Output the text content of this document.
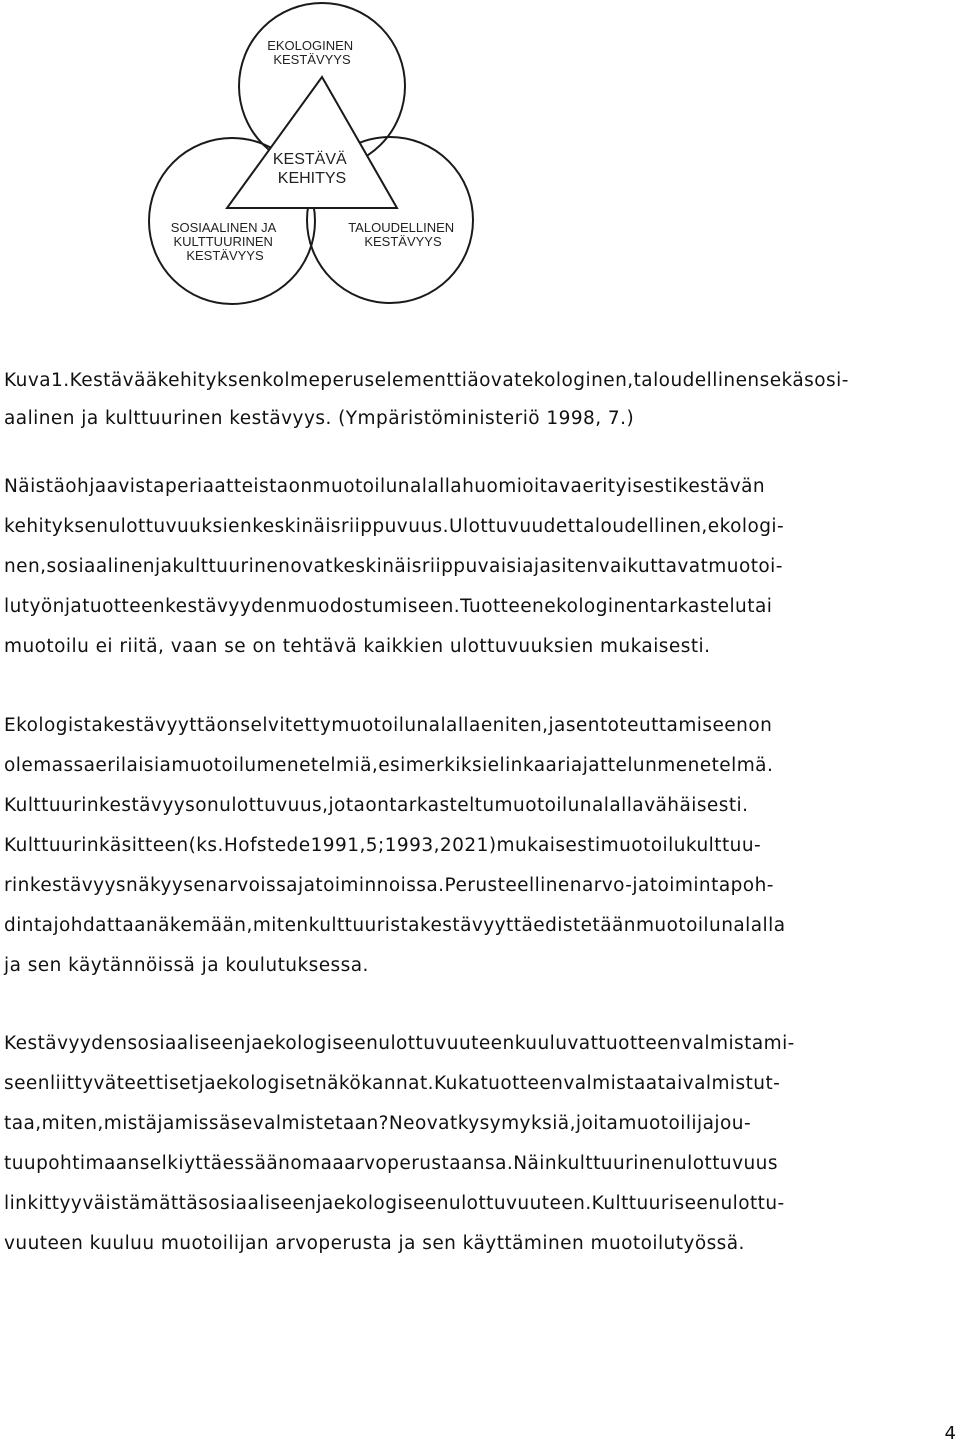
EKOLOGINEN KESTÄVYYS
KESTÄVÄ KEHITYS
SOSIAALINEN JA KULTTUURINEN KESTÄVYYS
TALOUDELLINEN KESTÄVYYS
Kuva1.Kestävääkehityksenkolmeperuselementtiäovatekologinen,taloudellinensekäsosi-
aalinen ja kulttuurinen kestävyys. (Ympäristöministeriö 1998, 7.)
Näistäohjaavistaperiaatteistaonmuotoilunalallahuomioitavaerityisestikestävän
kehityksenulottuvuuksienkeskinäisriippuvuus.Ulottuvuudettaloudellinen,ekologi-
nen,sosiaalinenjakulttuurinenovatkeskinäisriippuvaisiajasitenvaikuttavatmuotoi-
lutyönjatuotteenkestävyydenmuodostumiseen.Tuotteenekologinentarkastelutai
muotoilu ei riitä, vaan se on tehtävä kaikkien ulottuvuuksien mukaisesti.
Ekologistakestävyyttäonselvitettymuotoilunalallaeniten,jasentoteuttamiseenon
olemassaerilaisiamuotoilumenetelmiä,esimerkiksielinkaariajattelunmenetelmä.
Kulttuurinkestävyysonulottuvuus,jotaontarkasteltumuotoilunalallavähäisesti.
Kulttuurinkäsitteen(ks.Hofstede1991,5;1993,2021)mukaisestimuotoilukulttuu-
rinkestävyysnäkyysenarvoissajatoiminnoissa.Perusteellinenarvo-jatoimintapoh-
dintajohdattaanäkemään,mitenkulttuuristakestävyyttäedistetäänmuotoilunalalla
ja sen käytännöissä ja koulutuksessa.
Kestävyydensosiaaliseenjaekologiseenulottuvuuteenkuuluvattuotteenvalmistami-
seenliittyväteettisetjaekologisetnäkökannat.Kukatuotteenvalmistaataivalmistut-
taa,miten,mistäjamissäsevalmistetaan?Neovatkysymyksiä,joitamuotoilijajou-
tuupohtimaanselkiyttäessäänomaaarvoperustaansa.Näinkulttuurinenulottuvuus
linkittyyväistämättäsosiaaliseenjaekologiseenulottuvuuteen.Kulttuuriseenulottu-
vuuteen kuuluu muotoilijan arvoperusta ja sen käyttäminen muotoilutyössä.
4
